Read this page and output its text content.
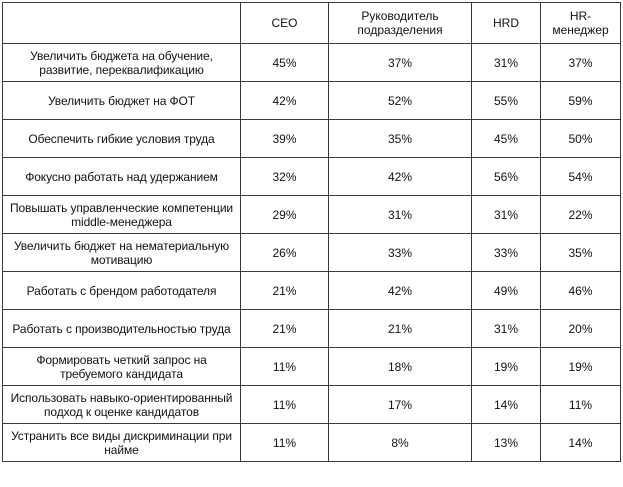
	CEO	Руководитель подразделения	HRD	HR-менеджер
Увеличить бюджета на обучение, развитие, переквалификацию	45%	37%	31%	37%
Увеличить бюджет на ФОТ	42%	52%	55%	59%
Обеспечить гибкие условия труда	39%	35%	45%	50%
Фокусно работать над удержанием	32%	42%	56%	54%
Повышать управленческие компетенции middle-менеджера	29%	31%	31%	22%
Увеличить бюджет на нематериальную мотивацию	26%	33%	33%	35%
Работать с брендом работодателя	21%	42%	49%	46%
Работать с производительностью труда	21%	21%	31%	20%
Формировать четкий запрос на требуемого кандидата	11%	18%	19%	19%
Использовать навыко-ориентированный подход к оценке кандидатов	11%	17%	14%	11%
Устранить все виды дискриминации при найме	11%	8%	13%	14%
